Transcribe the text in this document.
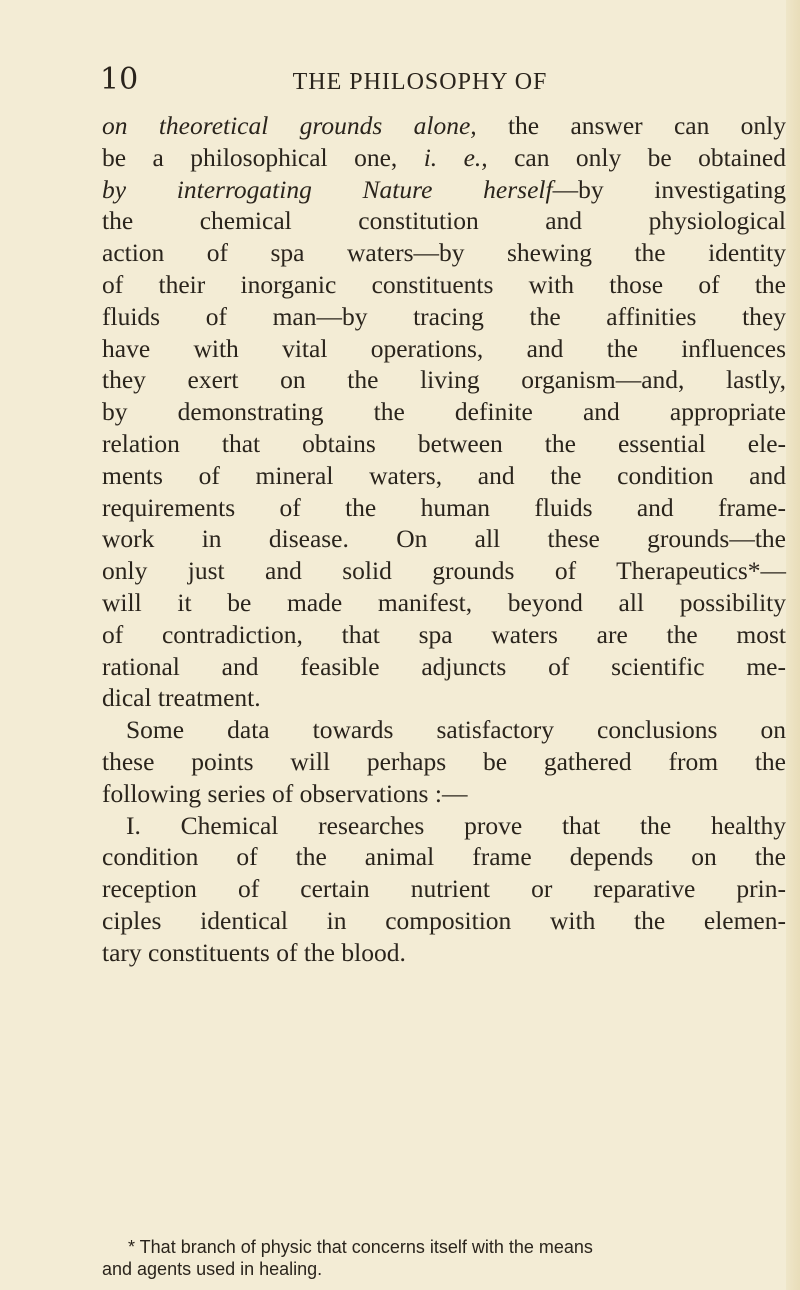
10	THE PHILOSOPHY OF
on theoretical grounds alone, the answer can only
be a philosophical one, i. e., can only be obtained
by interrogating Nature herself—by investigating
the chemical constitution and physiological
action of spa waters—by shewing the identity
of their inorganic constituents with those of the
fluids of man—by tracing the affinities they
have with vital operations, and the influences
they exert on the living organism—and, lastly,
by demonstrating the definite and appropriate
relation that obtains between the essential ele-
ments of mineral waters, and the condition and
requirements of the human fluids and frame-
work in disease. On all these grounds—the
only just and solid grounds of Therapeutics*—
will it be made manifest, beyond all possibility
of contradiction, that spa waters are the most
rational and feasible adjuncts of scientific me-
dical treatment.
Some data towards satisfactory conclusions on
these points will perhaps be gathered from the
following series of observations :—
I. Chemical researches prove that the healthy
condition of the animal frame depends on the
reception of certain nutrient or reparative prin-
ciples identical in composition with the elemen-
tary constituents of the blood.
* That branch of physic that concerns itself with the means
and agents used in healing.
